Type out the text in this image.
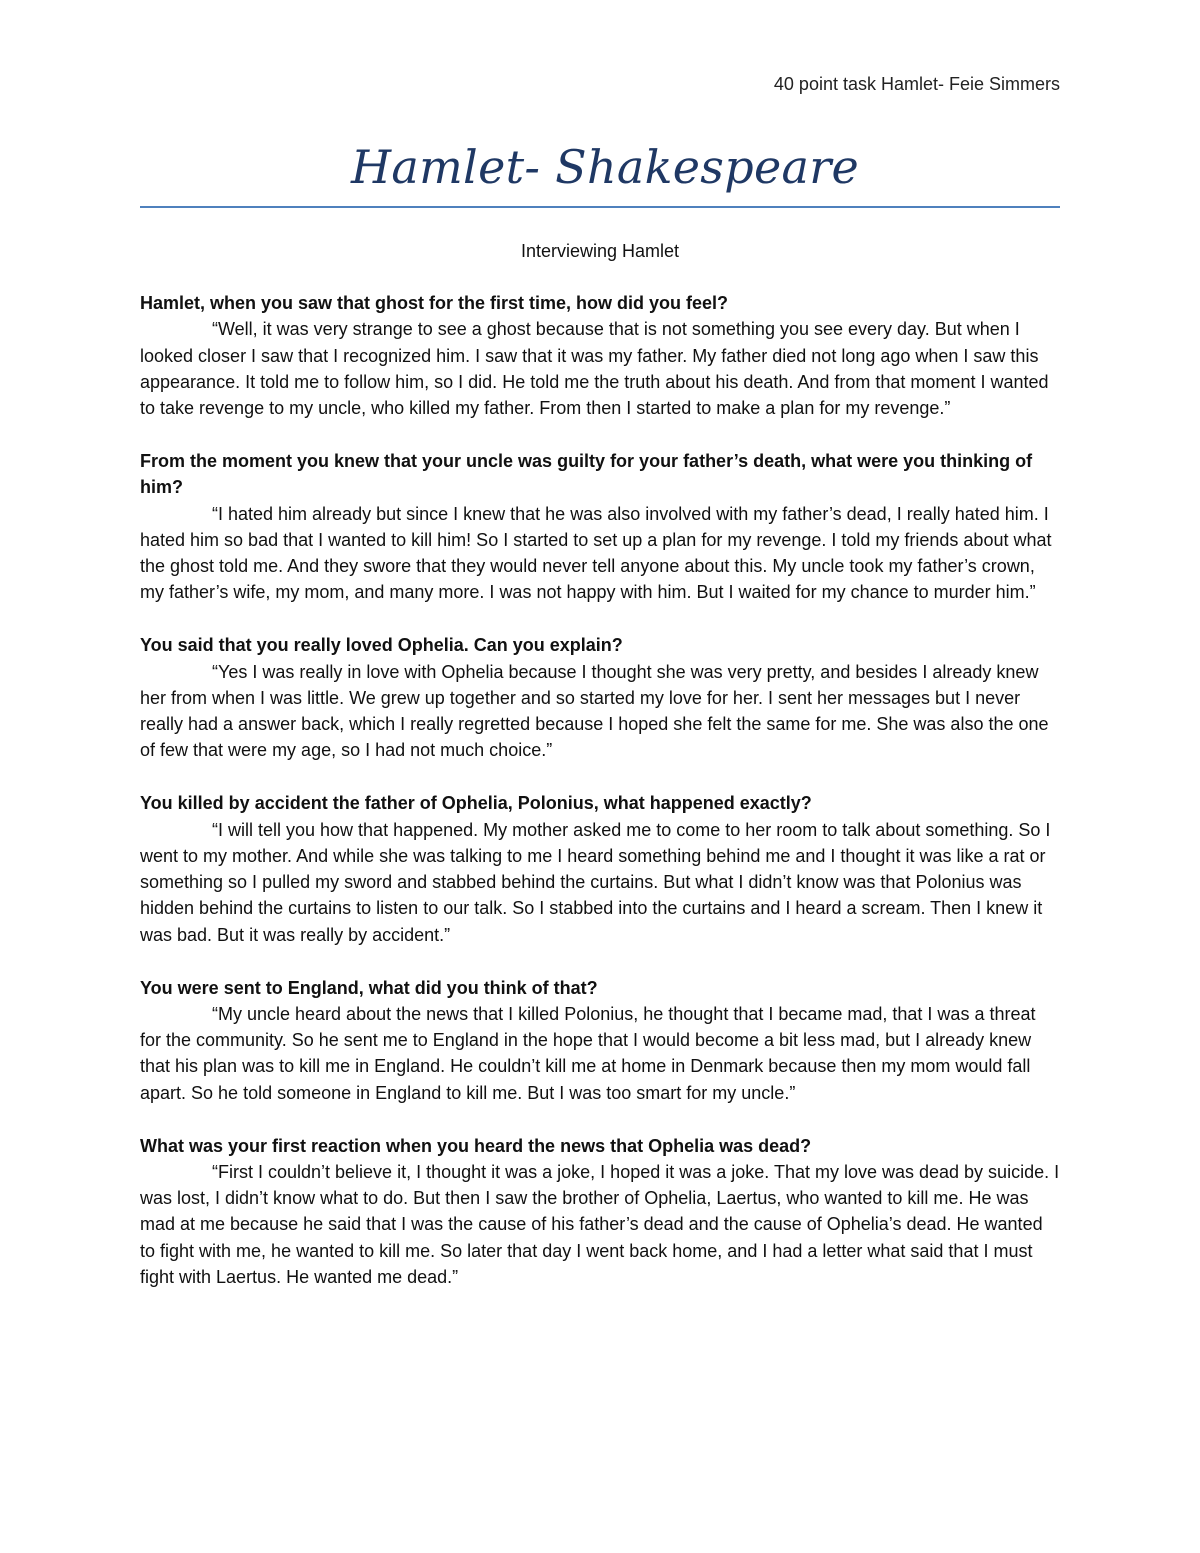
40 point task Hamlet- Feie Simmers
Hamlet- Shakespeare
Interviewing Hamlet

Hamlet, when you saw that ghost for the first time, how did you feel?

“Well, it was very strange to see a ghost because that is not something you see every day. But when I looked closer I saw that I recognized him. I saw that it was my father. My father died not long ago when I saw this appearance. It told me to follow him, so I did. He told me the truth about his death. And from that moment I wanted to take revenge to my uncle, who killed my father. From then I started to make a plan for my revenge.”

From the moment you knew that your uncle was guilty for your father’s death, what were you thinking of him?

“I hated him already but since I knew that he was also involved with my father’s dead, I really hated him. I hated him so bad that I wanted to kill him! So I started to set up a plan for my revenge. I told my friends about what the ghost told me. And they swore that they would never tell anyone about this. My uncle took my father’s crown, my father’s wife, my mom, and many more. I was not happy with him. But I waited for my chance to murder him.”

You said that you really loved Ophelia. Can you explain?

“Yes I was really in love with Ophelia because I thought she was very pretty, and besides I already knew her from when I was little. We grew up together and so started my love for her. I sent her messages but I never really had a answer back, which I really regretted because I hoped she felt the same for me. She was also the one of few that were my age, so I had not much choice.”

You killed by accident the father of Ophelia, Polonius, what happened exactly?

“I will tell you how that happened. My mother asked me to come to her room to talk about something. So I went to my mother. And while she was talking to me I heard something behind me and I thought it was like a rat or something so I pulled my sword and stabbed behind the curtains. But what I didn’t know was that Polonius was hidden behind the curtains to listen to our talk. So I stabbed into the curtains and I heard a scream. Then I knew it was bad. But it was really by accident.”

You were sent to England, what did you think of that?

“My uncle heard about the news that I killed Polonius, he thought that I became mad, that I was a threat for the community. So he sent me to England in the hope that I would become a bit less mad, but I already knew that his plan was to kill me in England. He couldn’t kill me at home in Denmark because then my mom would fall apart. So he told someone in England to kill me. But I was too smart for my uncle.”

What was your first reaction when you heard the news that Ophelia was dead?

“First I couldn’t believe it, I thought it was a joke, I hoped it was a joke. That my love was dead by suicide. I was lost, I didn’t know what to do. But then I saw the brother of Ophelia, Laertus, who wanted to kill me. He was mad at me because he said that I was the cause of his father’s dead and the cause of Ophelia’s dead. He wanted to fight with me, he wanted to kill me. So later that day I went back home, and I had a letter what said that I must fight with Laertus. He wanted me dead.”
